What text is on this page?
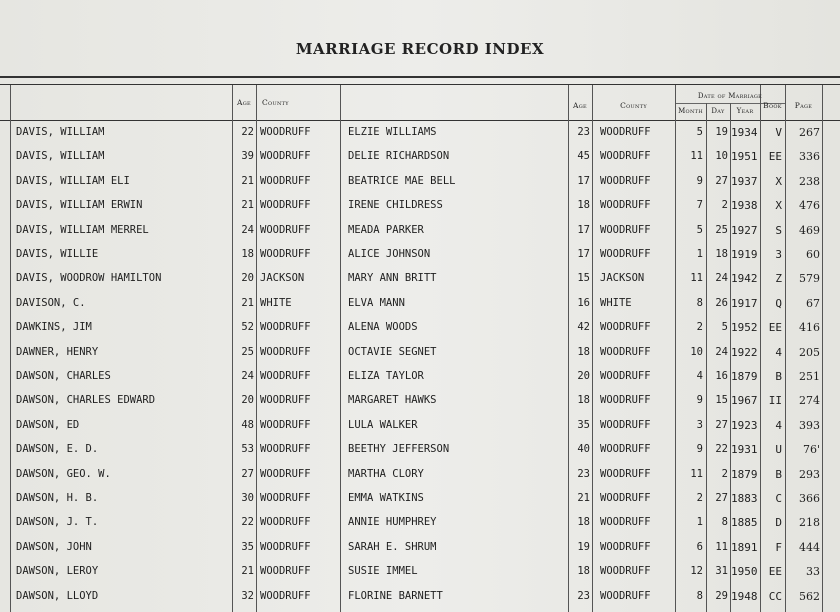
MARRIAGE RECORD INDEX
Age	County	Age	County
Date of Marriage
Month	Day	Year
Book	Page
DAVIS, WILLIAM	22 WOODRUFF	ELZIE WILLIAMS	23 WOODRUFF	5	19 1934	V	267
DAVIS, WILLIAM	39 WOODRUFF	DELIE RICHARDSON	45 WOODRUFF	11	10 1951	EE	336
DAVIS, WILLIAM ELI	21 WOODRUFF	BEATRICE MAE BELL	17 WOODRUFF	9	27 1937	X	238
DAVIS, WILLIAM ERWIN	21 WOODRUFF	IRENE CHILDRESS	18 WOODRUFF	7	2 1938	X	476
DAVIS, WILLIAM MERREL	24 WOODRUFF	MEADA PARKER	17 WOODRUFF	5	25 1927	S	469
DAVIS, WILLIE	18 WOODRUFF	ALICE JOHNSON	17 WOODRUFF	1	18 1919	3	60
DAVIS, WOODROW HAMILTON	20 JACKSON	MARY ANN BRITT	15 JACKSON	11	24 1942	Z	579
DAVISON, C.	21 WHITE	ELVA MANN	16 WHITE	8	26 1917	Q	67
DAWKINS, JIM	52 WOODRUFF	ALENA WOODS	42 WOODRUFF	2	5 1952	EE	416
DAWNER, HENRY	25 WOODRUFF	OCTAVIE SEGNET	18 WOODRUFF	10	24 1922	4	205
DAWSON, CHARLES	24 WOODRUFF	ELIZA TAYLOR	20 WOODRUFF	4	16 1879	B	251
DAWSON, CHARLES EDWARD	20 WOODRUFF	MARGARET HAWKS	18 WOODRUFF	9	15 1967	II	274
DAWSON, ED	48 WOODRUFF	LULA WALKER	35 WOODRUFF	3	27 1923	4	393
DAWSON, E. D.	53 WOODRUFF	BEETHY JEFFERSON	40 WOODRUFF	9	22 1931	U	76'
DAWSON, GEO. W.	27 WOODRUFF	MARTHA CLORY	23 WOODRUFF	11	2 1879	B	293
DAWSON, H. B.	30 WOODRUFF	EMMA WATKINS	21 WOODRUFF	2	27 1883	C	366
DAWSON, J. T.	22 WOODRUFF	ANNIE HUMPHREY	18 WOODRUFF	1	8 1885	D	218
DAWSON, JOHN	35 WOODRUFF	SARAH E. SHRUM	19 WOODRUFF	6	11 1891	F	444
DAWSON, LEROY	21 WOODRUFF	SUSIE IMMEL	18 WOODRUFF	12	31 1950	EE	33
DAWSON, LLOYD	32 WOODRUFF	FLORINE BARNETT	23 WOODRUFF	8	29 1948	CC	562
